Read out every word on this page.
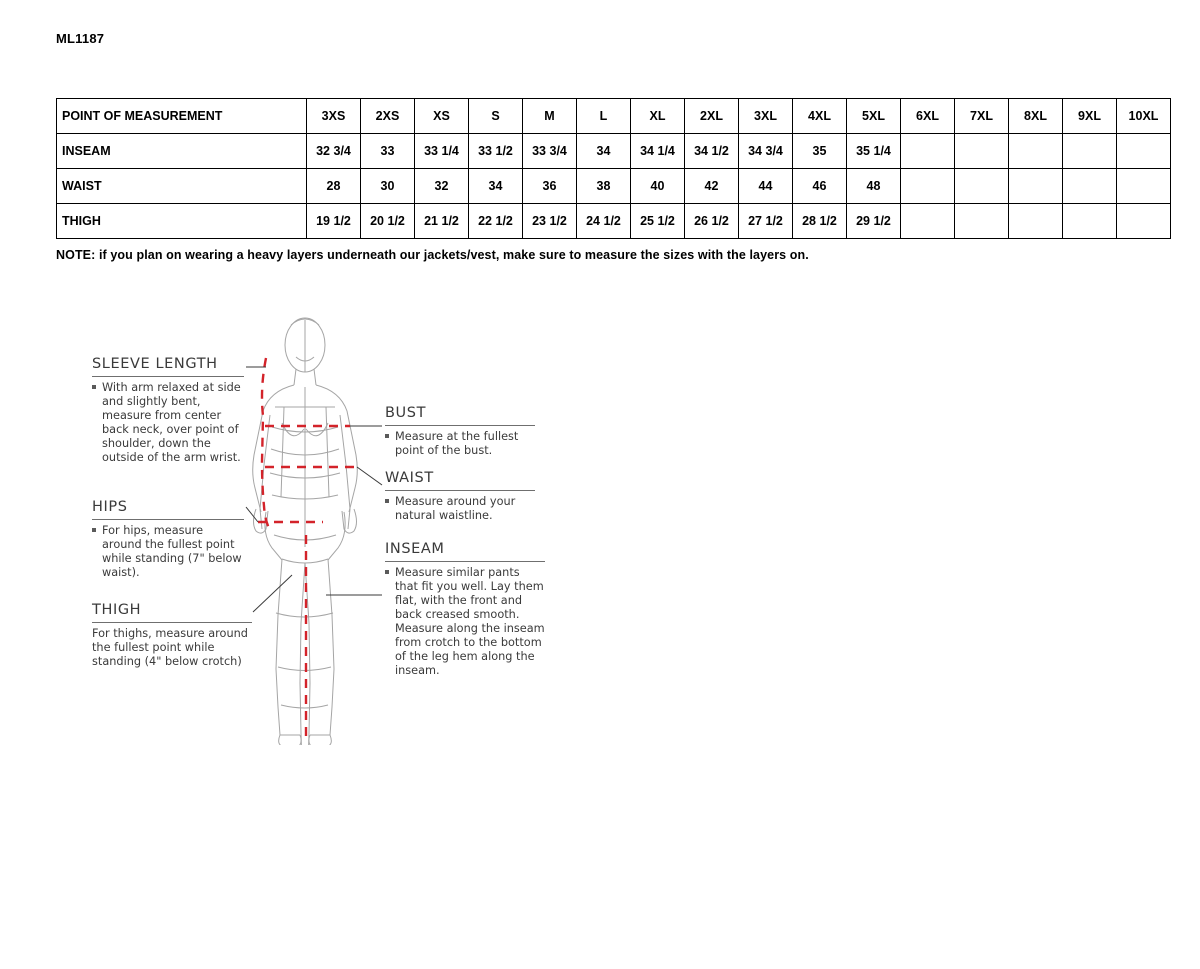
ML1187
POINT OF MEASUREMENT	3XS	2XS	XS	S	M	L	XL	2XL	3XL	4XL	5XL	6XL	7XL	8XL	9XL	10XL
INSEAM	32 3/4	33	33 1/4	33 1/2	33 3/4	34	34 1/4	34 1/2	34 3/4	35	35 1/4					
WAIST	28	30	32	34	36	38	40	42	44	46	48					
THIGH	19 1/2	20 1/2	21 1/2	22 1/2	23 1/2	24 1/2	25 1/2	26 1/2	27 1/2	28 1/2	29 1/2					
NOTE: if you plan on wearing a heavy layers underneath our jackets/vest, make sure to measure the sizes with the layers on.
SLEEVE LENGTH

With arm relaxed at side and slightly bent, measure from center back neck, over point of shoulder, down the outside of the arm wrist.

HIPS

For hips, measure around the fullest point while standing (7" below waist).

THIGH

For thighs, measure around the fullest point while standing (4" below crotch)

BUST

Measure at the fullest point of the bust.

WAIST

Measure around your natural waistline.

INSEAM

Measure similar pants that fit you well. Lay them flat, with the front and back creased smooth. Measure along the inseam from crotch to the bottom of the leg hem along the inseam.
